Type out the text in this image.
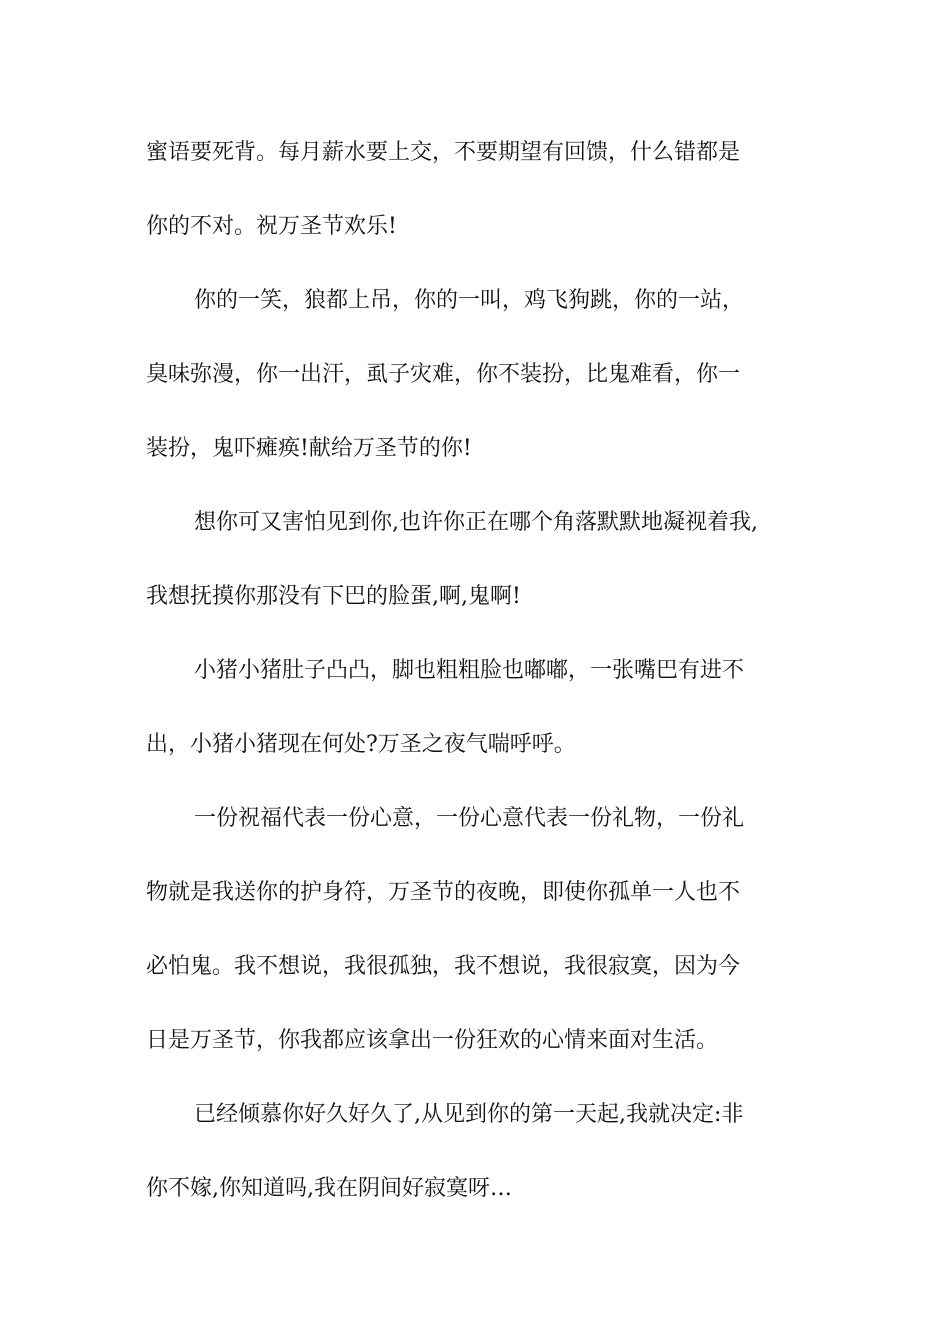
蜜语要死背。每月薪水要上交，不要期望有回馈，什么错都是
你的不对。祝万圣节欢乐!
你的一笑，狼都上吊，你的一叫，鸡飞狗跳，你的一站，
臭味弥漫，你一出汗，虱子灾难，你不装扮，比鬼难看，你一
装扮，鬼吓瘫痪!献给万圣节的你!
想你可又害怕见到你,也许你正在哪个角落默默地凝视着我,
我想抚摸你那没有下巴的脸蛋,啊,鬼啊!
小猪小猪肚子凸凸，脚也粗粗脸也嘟嘟，一张嘴巴有进不
出，小猪小猪现在何处?万圣之夜气喘呼呼。
一份祝福代表一份心意，一份心意代表一份礼物，一份礼
物就是我送你的护身符，万圣节的夜晚，即使你孤单一人也不
必怕鬼。我不想说，我很孤独，我不想说，我很寂寞，因为今
日是万圣节，你我都应该拿出一份狂欢的心情来面对生活。
已经倾慕你好久好久了,从见到你的第一天起,我就决定:非
你不嫁,你知道吗,我在阴间好寂寞呀…
